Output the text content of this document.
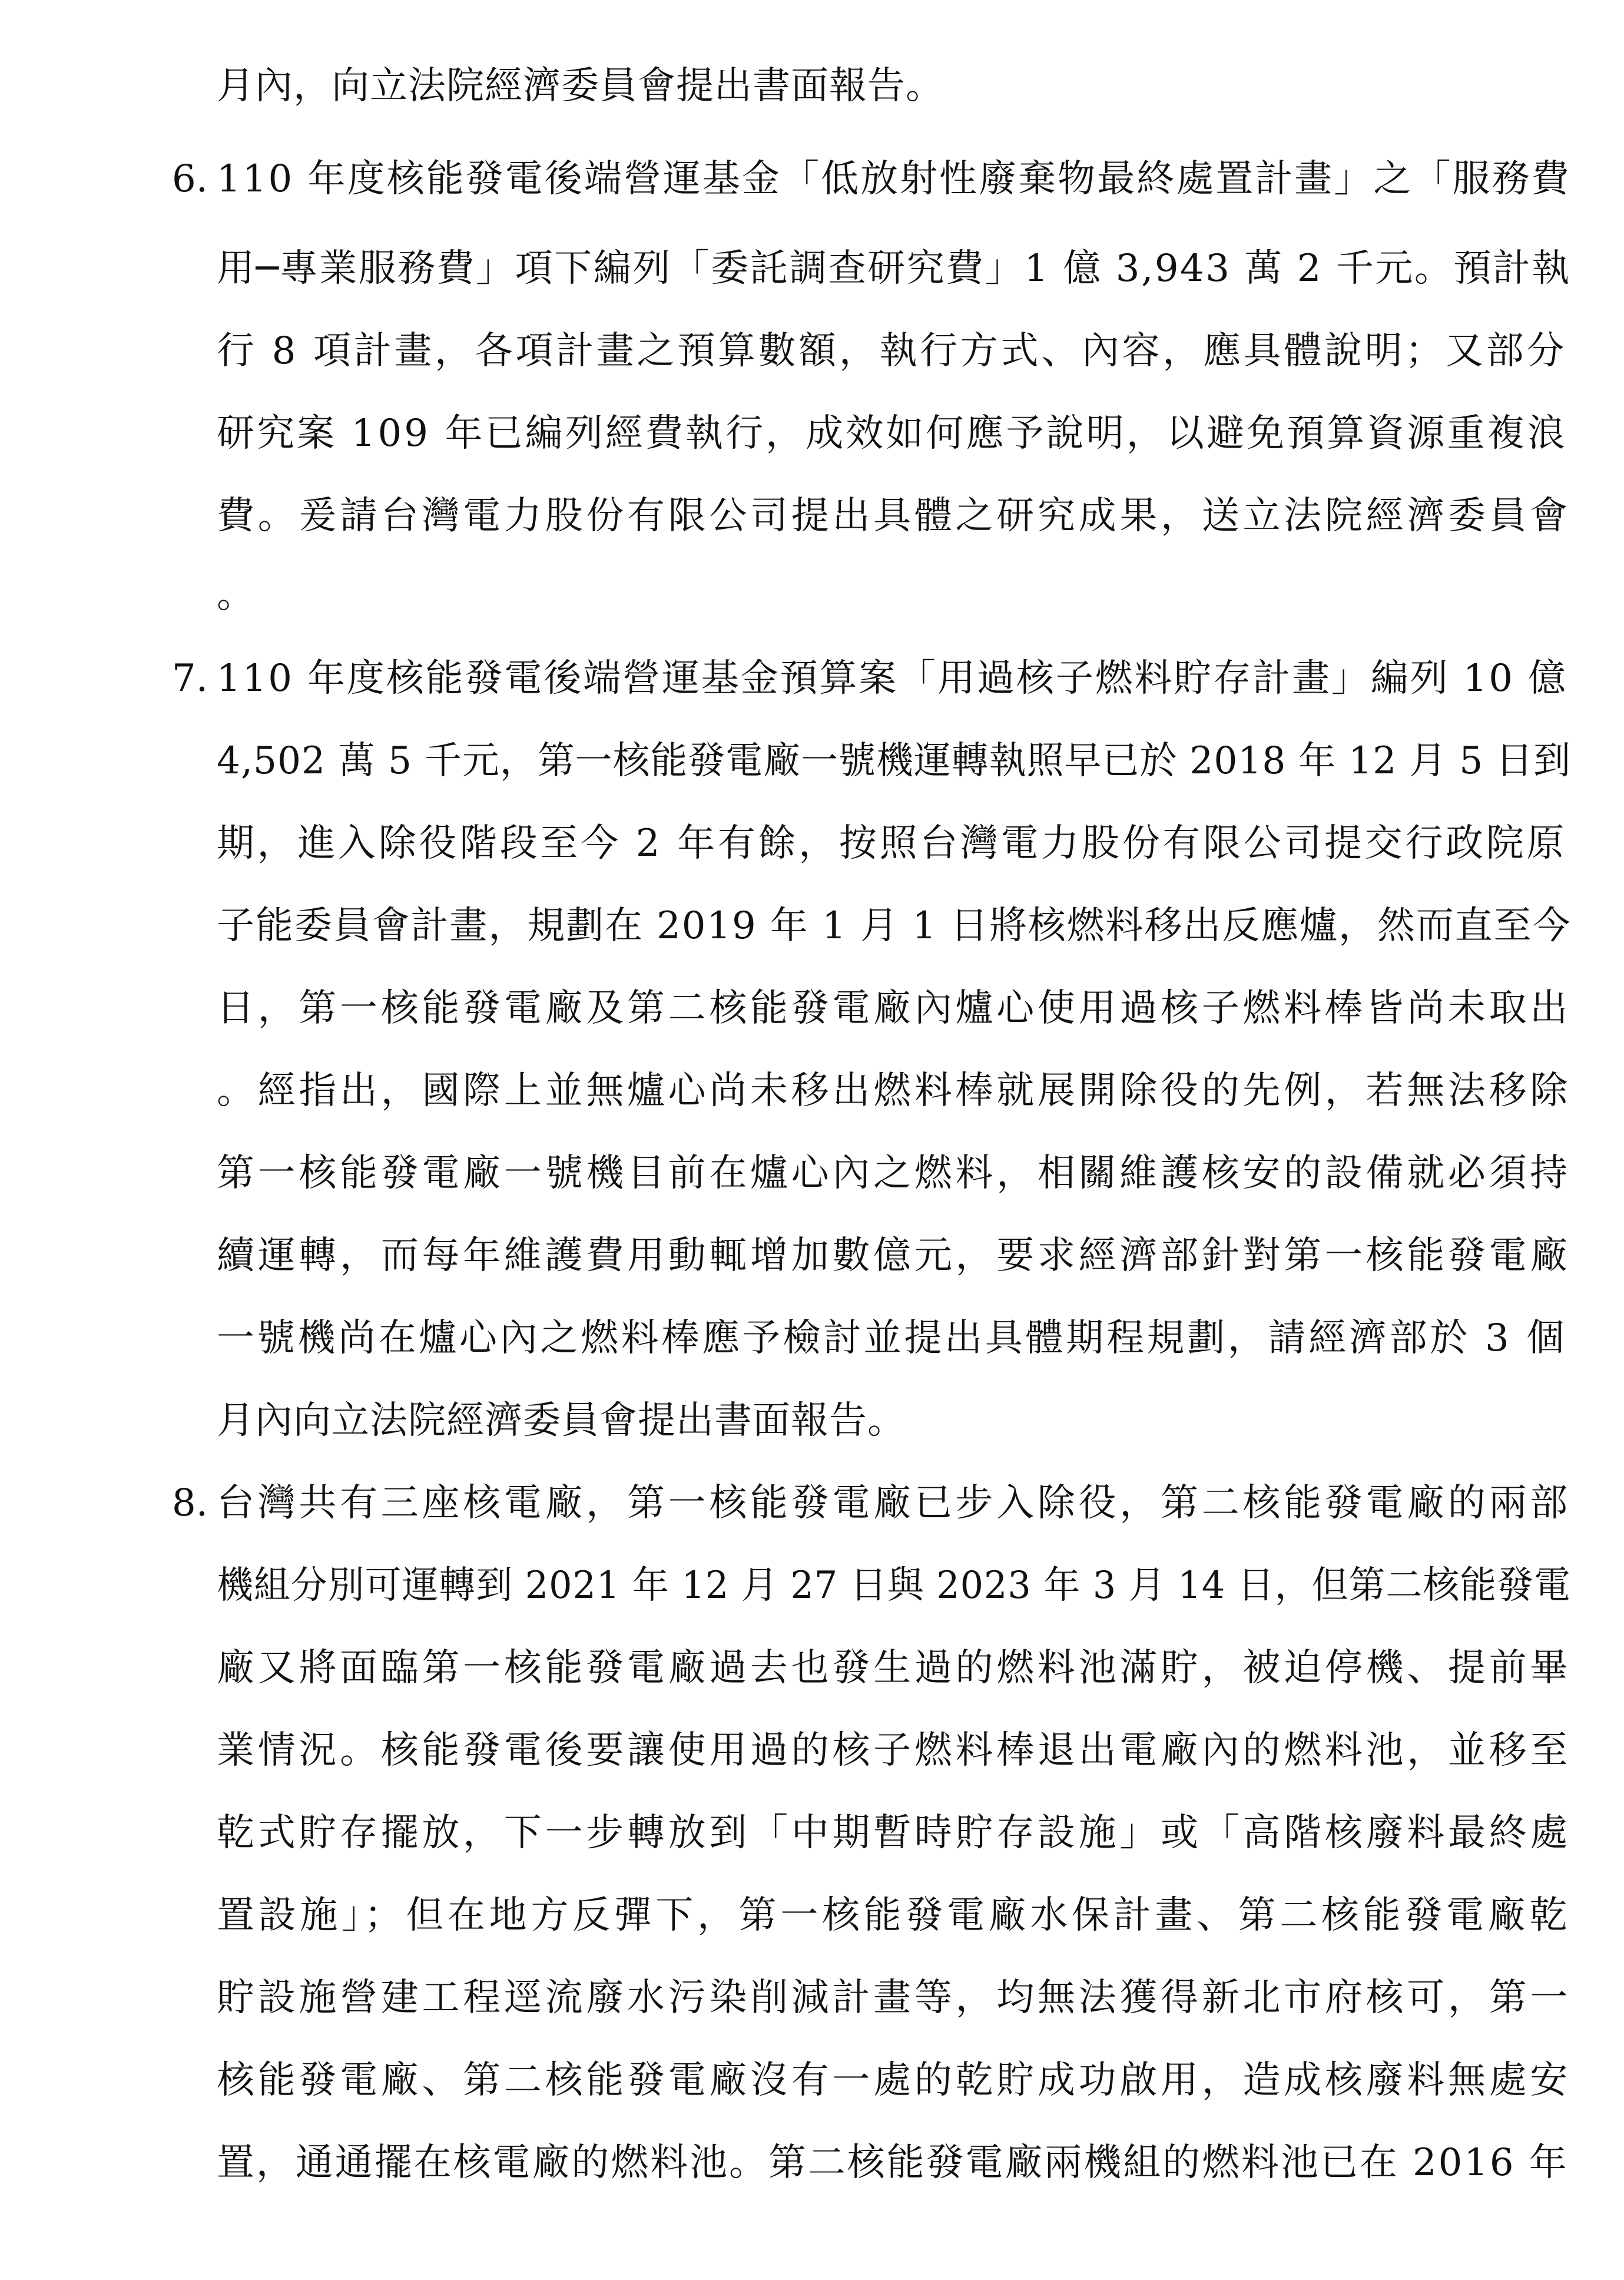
月內，向立法院經濟委員會提出書面報告。
6. 110 年度核能發電後端營運基金「低放射性廢棄物最終處置計畫」之「服務費
用─專業服務費」項下編列「委託調查研究費」1 億 3,943 萬 2 千元。預計執
行 8 項計畫，各項計畫之預算數額，執行方式、內容，應具體說明；又部分
研究案 109 年已編列經費執行，成效如何應予說明，以避免預算資源重複浪
費。爰請台灣電力股份有限公司提出具體之研究成果，送立法院經濟委員會
。
7. 110 年度核能發電後端營運基金預算案「用過核子燃料貯存計畫」編列 10 億
4,502 萬 5 千元，第一核能發電廠一號機運轉執照早已於 2018 年 12 月 5 日到
期，進入除役階段至今 2 年有餘，按照台灣電力股份有限公司提交行政院原
子能委員會計畫，規劃在 2019 年 1 月 1 日將核燃料移出反應爐，然而直至今
日，第一核能發電廠及第二核能發電廠內爐心使用過核子燃料棒皆尚未取出
。經指出，國際上並無爐心尚未移出燃料棒就展開除役的先例，若無法移除
第一核能發電廠一號機目前在爐心內之燃料，相關維護核安的設備就必須持
續運轉，而每年維護費用動輒增加數億元，要求經濟部針對第一核能發電廠
一號機尚在爐心內之燃料棒應予檢討並提出具體期程規劃，請經濟部於 3 個
月內向立法院經濟委員會提出書面報告。
8. 台灣共有三座核電廠，第一核能發電廠已步入除役，第二核能發電廠的兩部
機組分別可運轉到 2021 年 12 月 27 日與 2023 年 3 月 14 日，但第二核能發電
廠又將面臨第一核能發電廠過去也發生過的燃料池滿貯，被迫停機、提前畢
業情況。核能發電後要讓使用過的核子燃料棒退出電廠內的燃料池，並移至
乾式貯存擺放，下一步轉放到「中期暫時貯存設施」或「高階核廢料最終處
置設施」；但在地方反彈下，第一核能發電廠水保計畫、第二核能發電廠乾
貯設施營建工程逕流廢水污染削減計畫等，均無法獲得新北市府核可，第一
核能發電廠、第二核能發電廠沒有一處的乾貯成功啟用，造成核廢料無處安
置，通通擺在核電廠的燃料池。第二核能發電廠兩機組的燃料池已在 2016 年
